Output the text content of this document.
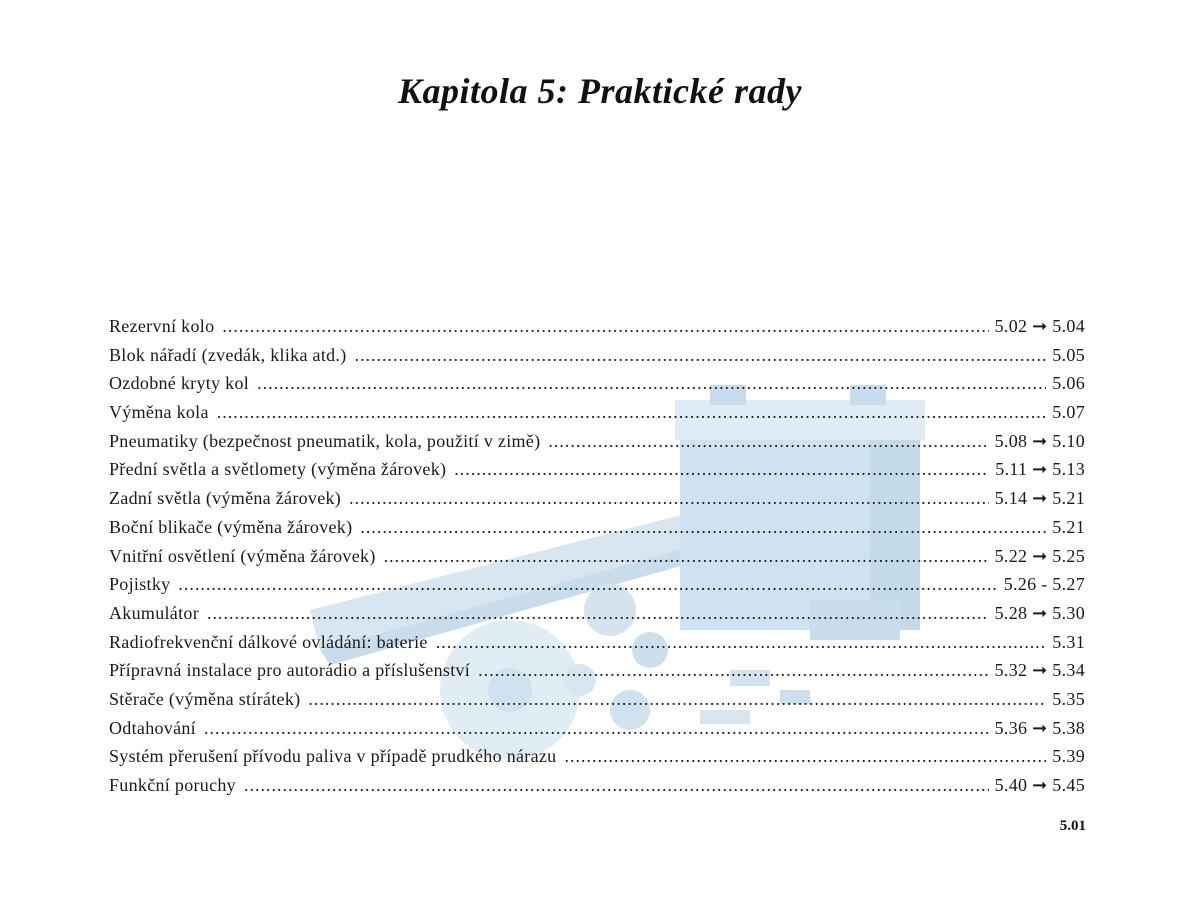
Kapitola 5: Praktické rady
Rezervní kolo .....	5.02 ➞ 5.04
Blok nářadí (zvedák, klika atd.) .....	5.05
Ozdobné kryty kol .....	5.06
Výměna kola .....	5.07
Pneumatiky (bezpečnost pneumatik, kola, použití v zimě) .....	5.08 ➞ 5.10
Přední světla a světlomety (výměna žárovek) .....	5.11 ➞ 5.13
Zadní světla (výměna žárovek) .....	5.14 ➞ 5.21
Boční blikače (výměna žárovek) .....	5.21
Vnitřní osvětlení (výměna žárovek) .....	5.22 ➞ 5.25
Pojistky .....	5.26 - 5.27
Akumulátor .....	5.28 ➞ 5.30
Radiofrekvenční dálkové ovládání: baterie .....	5.31
Přípravná instalace pro autorádio a příslušenství .....	5.32 ➞ 5.34
Stěrače (výměna stírátek) .....	5.35
Odtahování .....	5.36 ➞ 5.38
Systém přerušení přívodu paliva v případě prudkého nárazu .....	5.39
Funkční poruchy .....	5.40 ➞ 5.45
5.01
